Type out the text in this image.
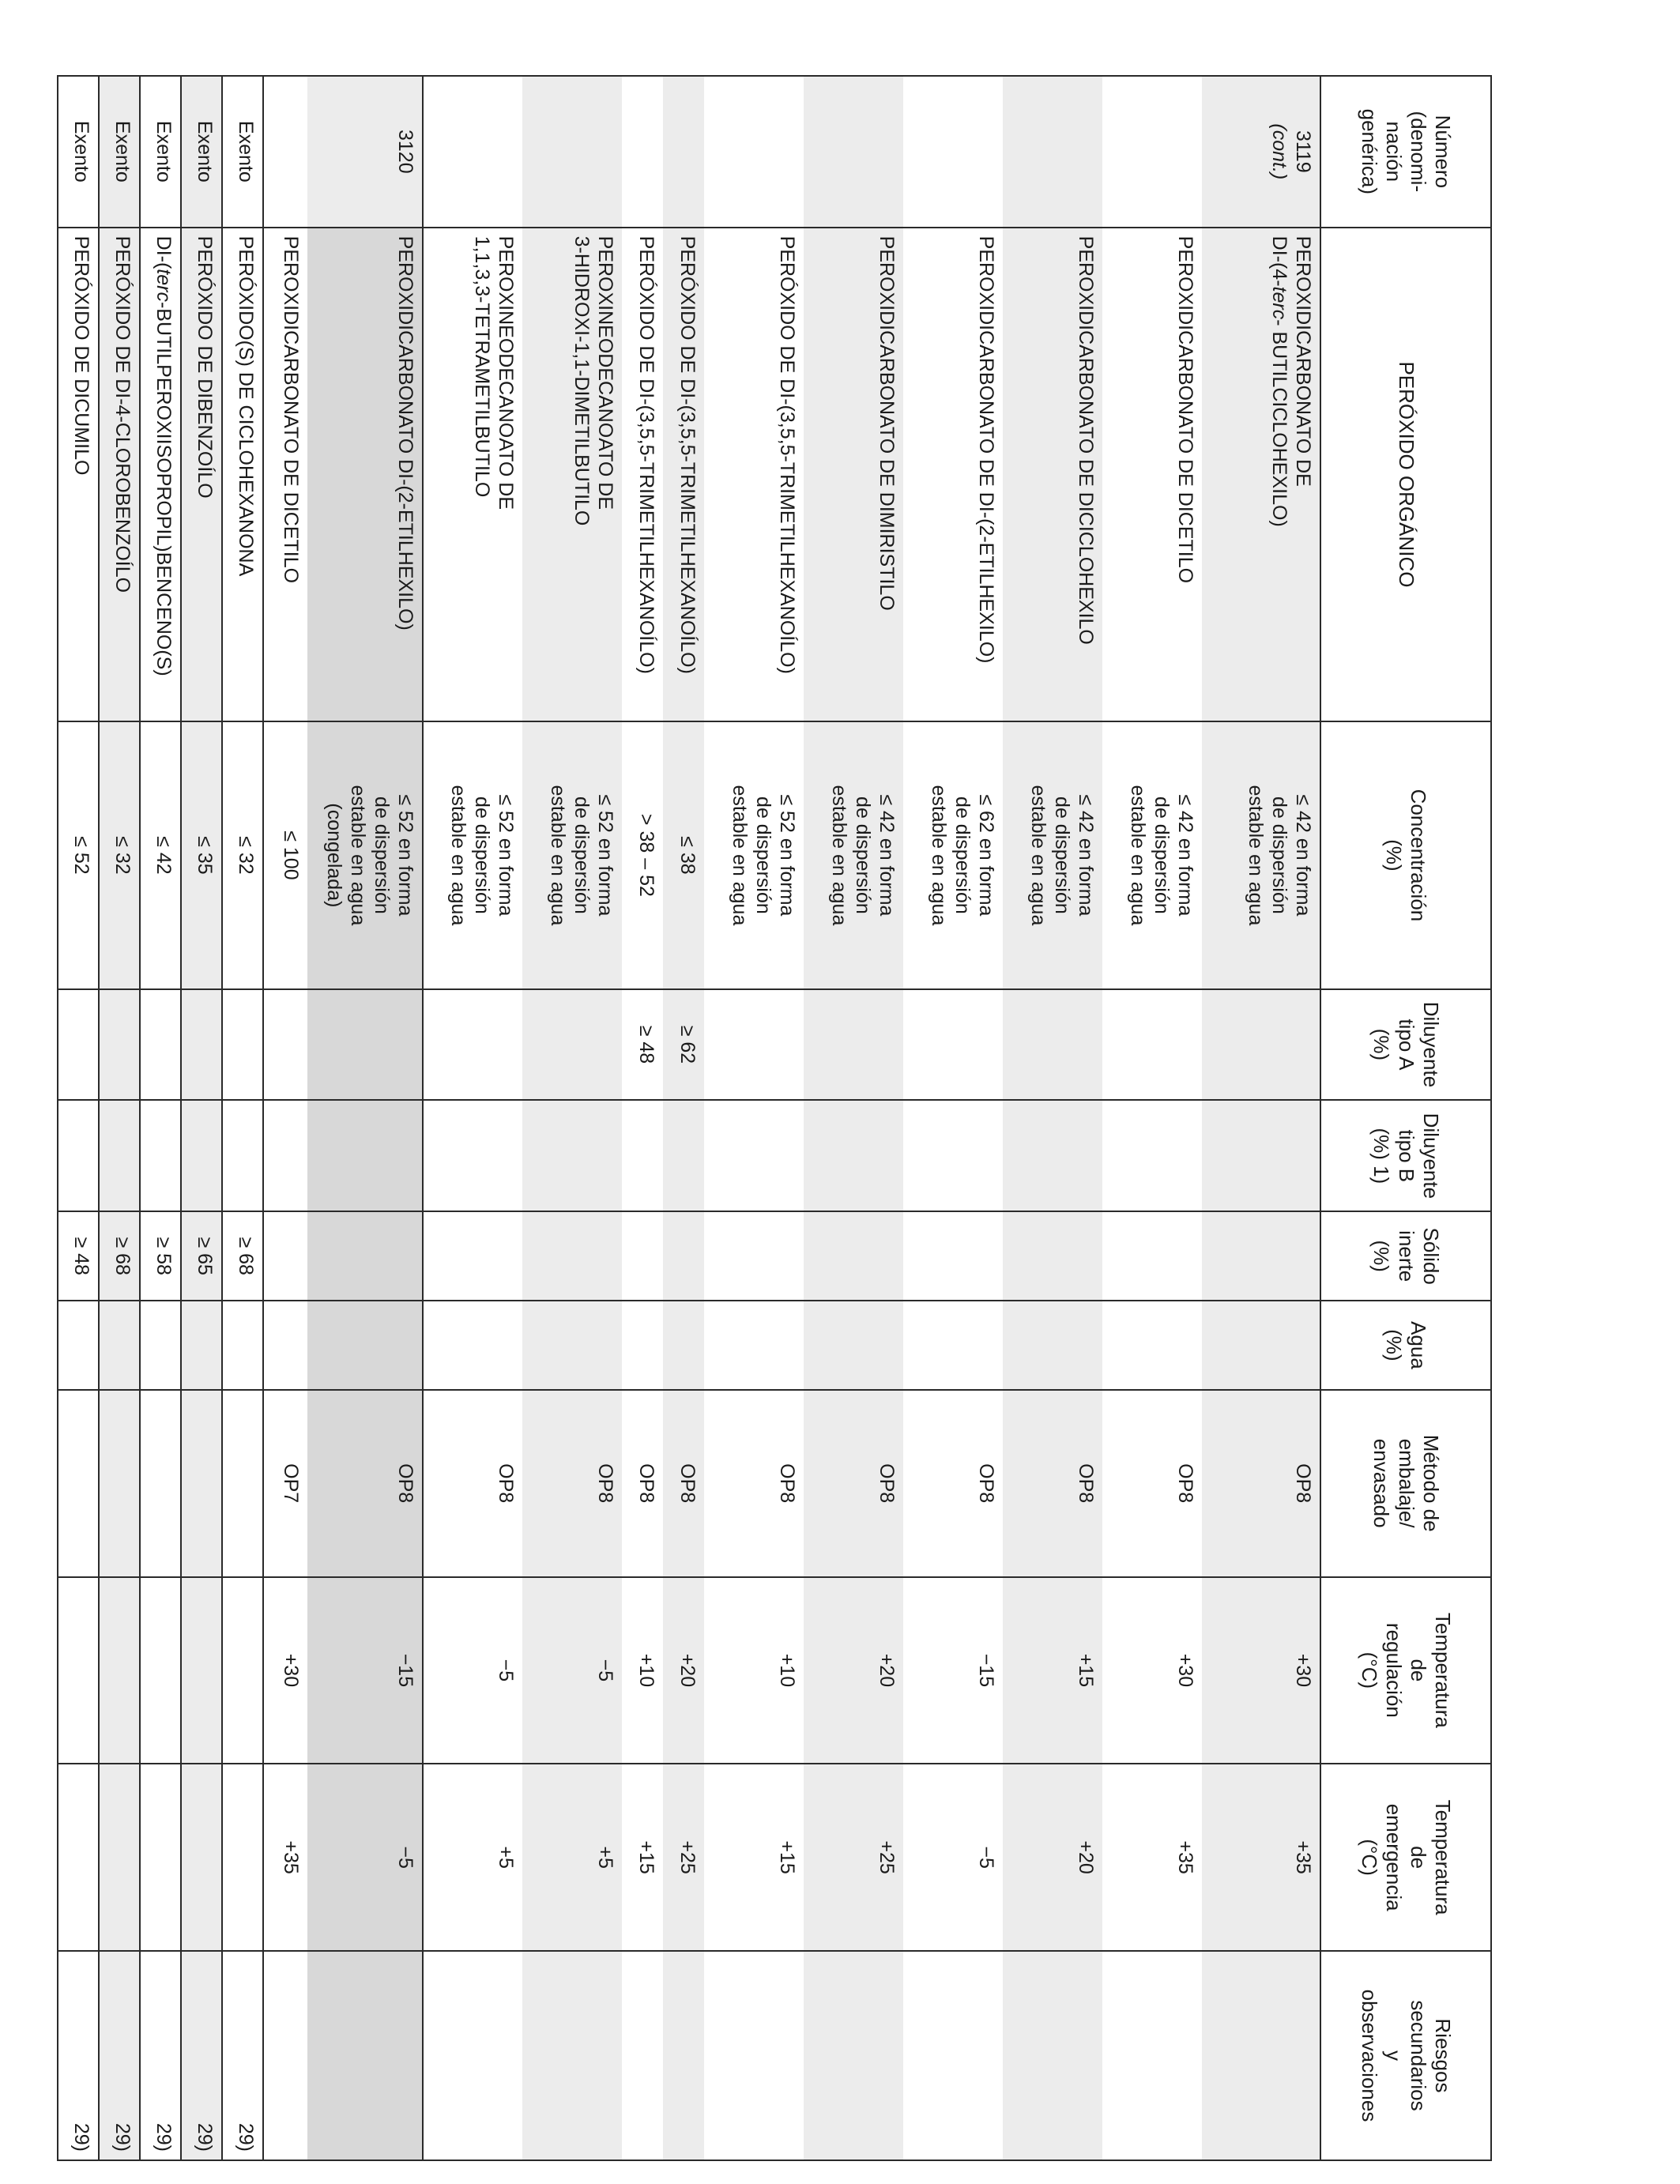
Número
(denomi-
nación
genérica)	PERÓXIDO ORGÁNICO	Concentración
(%)	Diluyente
tipo A
(%)	Diluyente
tipo B
(%) 1)	Sólido
inerte
(%)	Agua
(%)	Método de
embalaje/
envasado	Temperatura
de
regulación
(°C)	Temperatura
de
emergencia
(°C)	Riesgos
secundarios
y
observaciones
3119
(cont.)	PEROXIDICARBONATO DE
DI-(4-terc- BUTILCICLOHEXILO)	≤ 42 en forma
de dispersión
estable en agua					OP8	+30	+35	
	PEROXIDICARBONATO DE DICETILO	≤ 42 en forma
de dispersión
estable en agua					OP8	+30	+35	
	PEROXIDICARBONATO DE DICICLOHEXILO	≤ 42 en forma
de dispersión
estable en agua					OP8	+15	+20	
	PEROXIDICARBONATO DE DI-(2-ETILHEXILO)	≤ 62 en forma
de dispersión
estable en agua					OP8	−15	−5	
	PEROXIDICARBONATO DE DIMIRISTILO	≤ 42 en forma
de dispersión
estable en agua					OP8	+20	+25	
	PERÓXIDO DE DI-(3,5,5-TRIMETILHEXANOÍLO)	≤ 52 en forma
de dispersión
estable en agua					OP8	+10	+15	
	PERÓXIDO DE DI-(3,5,5-TRIMETILHEXANOÍLO)	≤ 38	≥ 62				OP8	+20	+25	
	PERÓXIDO DE DI-(3,5,5-TRIMETILHEXANOÍLO)	> 38 – 52	≥ 48				OP8	+10	+15	
	PEROXINEODECANOATO DE
3-HIDROXI-1,1-DIMETILBUTILO	≤ 52 en forma
de dispersión
estable en agua					OP8	−5	+5	
	PEROXINEODECANOATO DE
1,1,3,3-TETRAMETILBUTILO	≤ 52 en forma
de dispersión
estable en agua					OP8	−5	+5	
3120	PEROXIDICARBONATO DI-(2-ETILHEXILO)	≤ 52 en forma
de dispersión
estable en agua
(congelada)					OP8	−15	−5	
	PEROXIDICARBONATO DE DICETILO	≤ 100					OP7	+30	+35	
Exento	PERÓXIDO(S) DE CICLOHEXANONA	≤ 32			≥ 68					29)
Exento	PERÓXIDO DE DIBENZOÍLO	≤ 35			≥ 65					29)
Exento	DI-(terc-BUTILPEROXIISOPROPIL)BENCENO(S)	≤ 42			≥ 58					29)
Exento	PERÓXIDO DE DI-4-CLOROBENZOÍLO	≤ 32			≥ 68					29)
Exento	PERÓXIDO DE DICUMILO	≤ 52			≥ 48					29)
